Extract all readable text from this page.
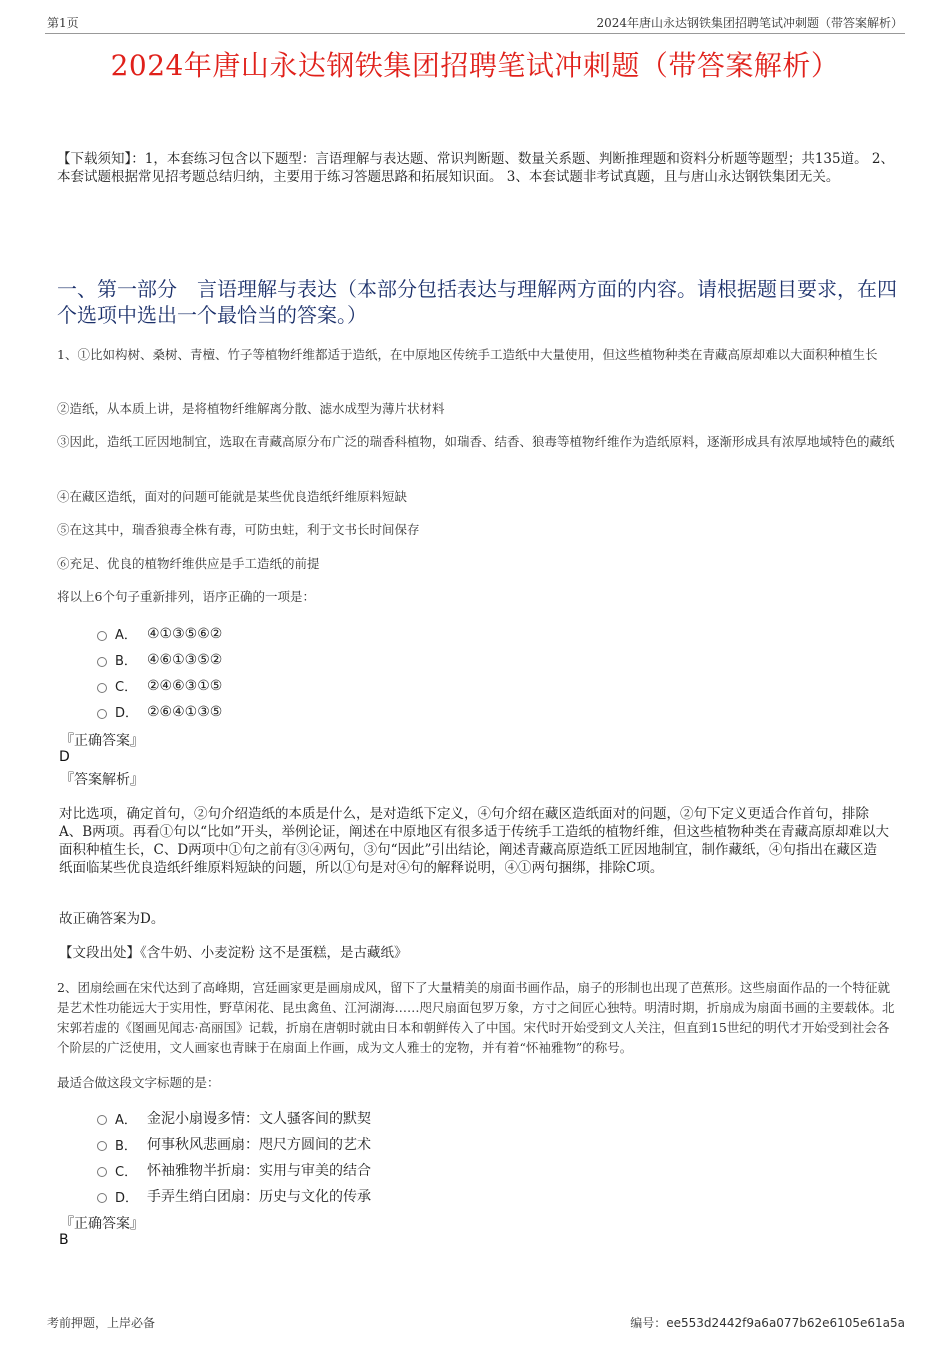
第1页	2024年唐山永达钢铁集团招聘笔试冲刺题（带答案解析）
2024年唐山永达钢铁集团招聘笔试冲刺题（带答案解析）
【下载须知】：1，本套练习包含以下题型：言语理解与表达题、常识判断题、数量关系题、判断推理题和资料分析题等题型；共135道。 2、本套试题根据常见招考题总结归纳，主要用于练习答题思路和拓展知识面。 3、本套试题非考试真题，且与唐山永达钢铁集团无关。
一、第一部分　言语理解与表达（本部分包括表达与理解两方面的内容。请根据题目要求，在四个选项中选出一个最恰当的答案。）
1、①比如构树、桑树、青檀、竹子等植物纤维都适于造纸，在中原地区传统手工造纸中大量使用，但这些植物种类在青藏高原却难以大面积种植生长
②造纸，从本质上讲，是将植物纤维解离分散、滤水成型为薄片状材料
③因此，造纸工匠因地制宜，选取在青藏高原分布广泛的瑞香科植物，如瑞香、结香、狼毒等植物纤维作为造纸原料，逐渐形成具有浓厚地域特色的藏纸
④在藏区造纸，面对的问题可能就是某些优良造纸纤维原料短缺
⑤在这其中，瑞香狼毒全株有毒，可防虫蛀，利于文书长时间保存
⑥充足、优良的植物纤维供应是手工造纸的前提
将以上6个句子重新排列，语序正确的一项是：
A． ④①③⑤⑥②
B． ④⑥①③⑤②
C． ②④⑥③①⑤
D． ②⑥④①③⑤
『正确答案』
D
『答案解析』
对比选项，确定首句，②句介绍造纸的本质是什么，是对造纸下定义，④句介绍在藏区造纸面对的问题，②句下定义更适合作首句，排除A、B两项。再看①句以“比如”开头，举例论证，阐述在中原地区有很多适于传统手工造纸的植物纤维，但这些植物种类在青藏高原却难以大面积种植生长，C、D两项中①句之前有③④两句，③句“因此”引出结论，阐述青藏高原造纸工匠因地制宜，制作藏纸，④句指出在藏区造纸面临某些优良造纸纤维原料短缺的问题，所以①句是对④句的解释说明，④①两句捆绑，排除C项。
故正确答案为D。
【文段出处】《含牛奶、小麦淀粉 这不是蛋糕，是古藏纸》
2、团扇绘画在宋代达到了高峰期，宫廷画家更是画扇成风，留下了大量精美的扇面书画作品，扇子的形制也出现了芭蕉形。这些扇面作品的一个特征就是艺术性功能远大于实用性，野草闲花、昆虫禽鱼、江河湖海……咫尺扇面包罗万象，方寸之间匠心独特。明清时期，折扇成为扇面书画的主要载体。北宋郭若虚的《图画见闻志·高丽国》记载，折扇在唐朝时就由日本和朝鲜传入了中国。宋代时开始受到文人关注，但直到15世纪的明代才开始受到社会各个阶层的广泛使用，文人画家也青睐于在扇面上作画，成为文人雅士的宠物，并有着“怀袖雅物”的称号。
最适合做这段文字标题的是：
A． 金泥小扇谩多情：文人骚客间的默契
B． 何事秋风悲画扇：咫尺方圆间的艺术
C． 怀袖雅物半折扇：实用与审美的结合
D． 手弄生绡白团扇：历史与文化的传承
『正确答案』
B
考前押题，上岸必备	编号：ee553d2442f9a6a077b62e6105e61a5a
